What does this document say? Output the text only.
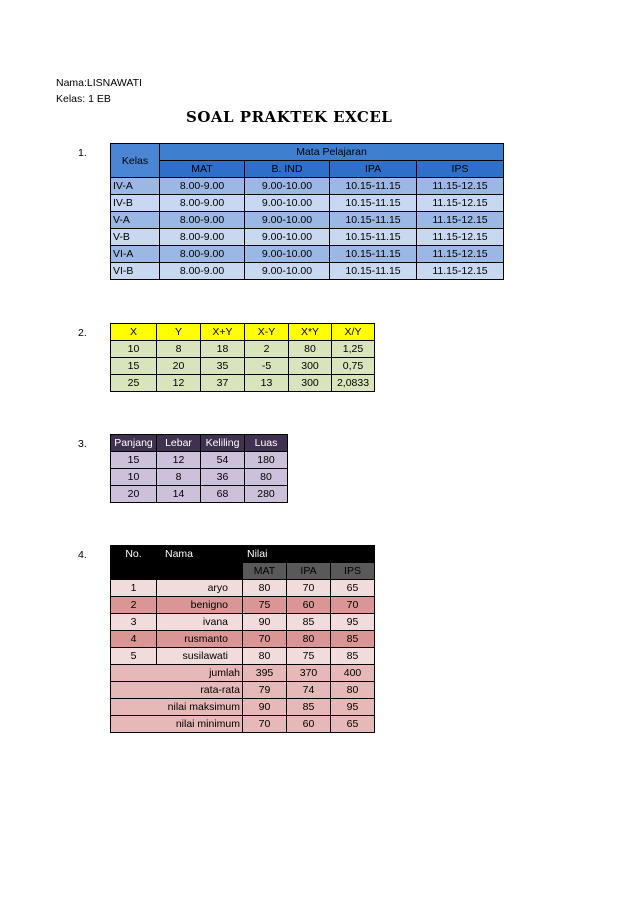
Nama:LISNAWATI
Kelas: 1 EB
SOAL PRAKTEK EXCEL
1.
2.
3.
4.
Kelas	Mata Pelajaran			
	MAT	B. IND	IPA	IPS
IV-A	8.00-9.00	9.00-10.00	10.15-11.15	11.15-12.15
IV-B	8.00-9.00	9.00-10.00	10.15-11.15	11.15-12.15
V-A	8.00-9.00	9.00-10.00	10.15-11.15	11.15-12.15
V-B	8.00-9.00	9.00-10.00	10.15-11.15	11.15-12.15
VI-A	8.00-9.00	9.00-10.00	10.15-11.15	11.15-12.15
VI-B	8.00-9.00	9.00-10.00	10.15-11.15	11.15-12.15
X	Y	X+Y	X-Y	X*Y	X/Y
10	8	18	2	80	1,25
15	20	35	-5	300	0,75
25	12	37	13	300	2,0833
Panjang	Lebar	Keliling	Luas
15	12	54	180
10	8	36	80
20	14	68	280
No.	Nama	Nilai		
		MAT	IPA	IPS
1	aryo	80	70	65
2	benigno	75	60	70
3	ivana	90	85	95
4	rusmanto	70	80	85
5	susilawati	80	75	85
jumlah		395	370	400
rata-rata		79	74	80
nilai maksimum		90	85	95
nilai minimum		70	60	65
